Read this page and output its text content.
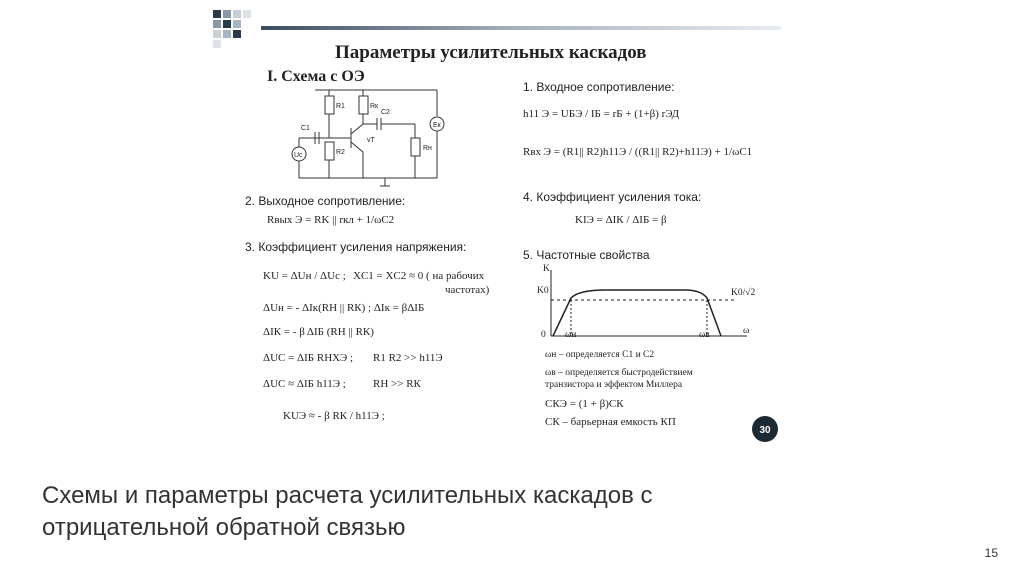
Параметры усилительных каскадов
I. Схема с ОЭ
R1	Rк
C1
C2
R2
vT
Rн
Eк
Uc
2. Выходное сопротивление:
Rвых Э = RK || rкл + 1/ωC2
3. Коэффициент усиления напряжения:
KU = ΔUн / ΔUc ; XC1 = XC2 ≈ 0 ( на рабочих
частотах)
ΔUн = - ΔIк(RН || RК) ; ΔIк = βΔIБ
ΔIК = - β ΔIБ (RН || RК)
ΔUС = ΔIБ RНХЭ ; R1 R2 >> h11Э
ΔUС ≈ ΔIБ h11Э ; RН >> RК
KUЭ ≈ - β RК / h11Э ;
1. Входное сопротивление:
h11 Э = UБЭ / IБ = rБ + (1+β) rЭД
Rвх Э = (R1|| R2)h11Э / ((R1|| R2)+h11Э) + 1/ωC1
4. Коэффициент усиления тока:
KIЭ = ΔIК / ΔIБ = β
5. Частотные свойства
K
K0	K0/√2
0 ωн	ωв	ω
ωн – определяется C1 и C2
ωв – определяется быстродействием
транзистора и эффектом Миллера
CКЭ = (1 + β)CК
CК – барьерная емкость КП
30
Схемы и параметры расчета усилительных каскадов с отрицательной обратной связью
15
